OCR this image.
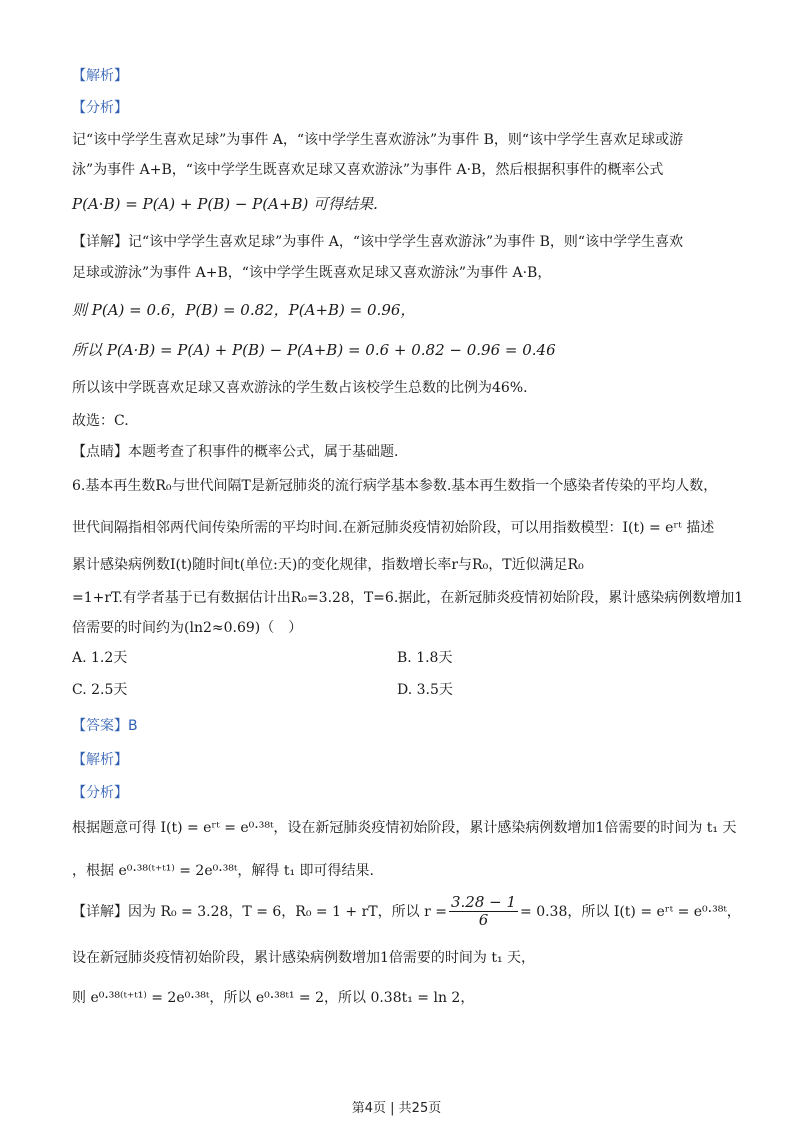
【解析】

【分析】

记“该中学学生喜欢足球”为事件 A，“该中学学生喜欢游泳”为事件 B，则“该中学学生喜欢足球或游

泳”为事件 A+B，“该中学学生既喜欢足球又喜欢游泳”为事件 A·B，然后根据积事件的概率公式

P(A·B) = P(A) + P(B) − P(A+B) 可得结果.

【详解】记“该中学学生喜欢足球”为事件 A，“该中学学生喜欢游泳”为事件 B，则“该中学学生喜欢

足球或游泳”为事件 A+B，“该中学学生既喜欢足球又喜欢游泳”为事件 A·B，

则 P(A) = 0.6，P(B) = 0.82，P(A+B) = 0.96，

所以 P(A·B) = P(A) + P(B) − P(A+B) = 0.6 + 0.82 − 0.96 = 0.46

所以该中学既喜欢足球又喜欢游泳的学生数占该校学生总数的比例为46%.

故选：C.

【点睛】本题考查了积事件的概率公式，属于基础题.

6.基本再生数R₀与世代间隔T是新冠肺炎的流行病学基本参数.基本再生数指一个感染者传染的平均人数，

世代间隔指相邻两代间传染所需的平均时间.在新冠肺炎疫情初始阶段，可以用指数模型：I(t) = eʳᵗ 描述

累计感染病例数I(t)随时间t(单位:天)的变化规律，指数增长率r与R₀，T近似满足R₀

=1+rT.有学者基于已有数据估计出R₀=3.28，T=6.据此，在新冠肺炎疫情初始阶段，累计感染病例数增加1

倍需要的时间约为(ln2≈0.69)（　）

A. 1.2天	B. 1.8天
C. 2.5天	D. 3.5天

【答案】B

【解析】

【分析】

根据题意可得 I(t) = eʳᵗ = e⁰·³⁸ᵗ，设在新冠肺炎疫情初始阶段，累计感染病例数增加1倍需要的时间为 t₁ 天

，根据 e⁰·³⁸⁽ᵗ⁺ᵗ¹⁾ = 2e⁰·³⁸ᵗ，解得 t₁ 即可得结果.

【详解】因为 R₀ = 3.28，T = 6，R₀ = 1 + rT，所以 $r = \frac{3.28 - 1}{6} = 0.38$，所以 I(t) = eʳᵗ = e⁰·³⁸ᵗ，

设在新冠肺炎疫情初始阶段，累计感染病例数增加1倍需要的时间为 t₁ 天，

则 e⁰·³⁸⁽ᵗ⁺ᵗ¹⁾ = 2e⁰·³⁸ᵗ，所以 e⁰·³⁸ᵗ¹ = 2，所以 0.38t₁ = ln 2，

第4页 | 共25页
